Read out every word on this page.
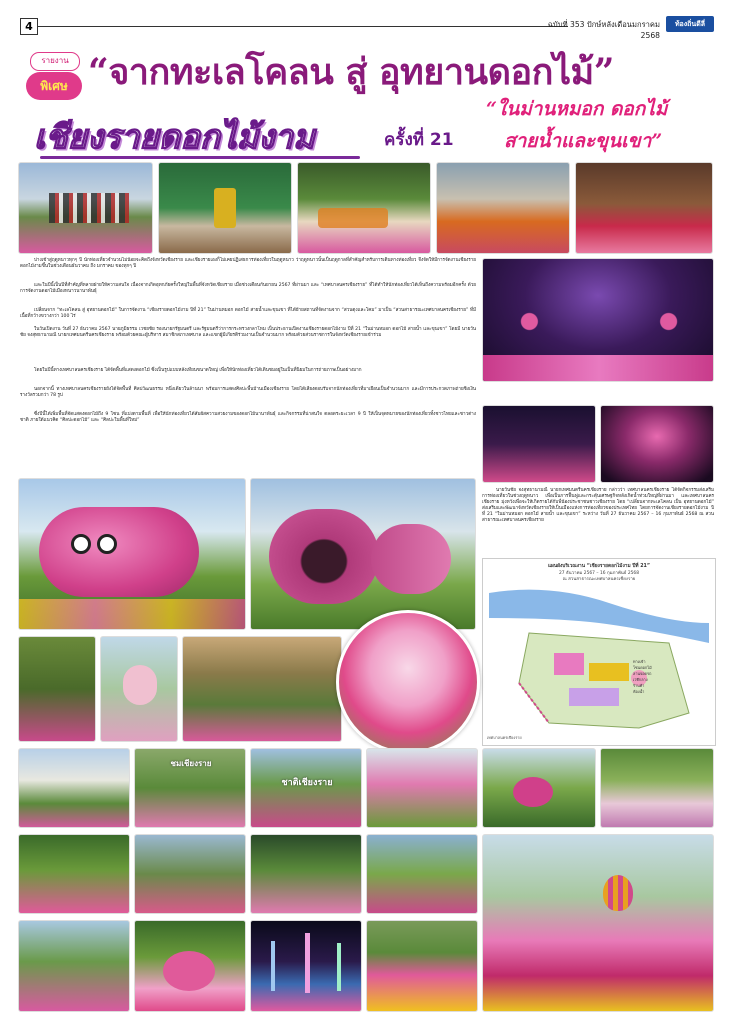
4	ฉบับที่ 353 ปักษ์หลังเดือนมกราคม 2568
ท้องถิ่นดีลี่
รายงาน
พิเศษ “จากทะเลโคลน สู่ อุทยานดอกไม้”
เชียงรายดอกไม้งาม	ครั้งที่ 21
“ในม่านหมอก ดอกไม้
สายน้ำและขุนเขา”

ปางเข้าสู่ฤดูหนาวทุกๆ ปี นักท่องเที่ยวจำนวนไม่น้อยจะคิดถึงจังหวัดเชียงราย และเชียงรายเองก็ไม่เคยปฏิเสธการท่องเที่ยวในฤดูหนาว ว่าฤดูหนาวนั้นเป็นฤดูกาลที่สำคัญสำหรับการเดินทางท่องเที่ยว จึงจัดให้มีการจัดงานเชียงรายดอกไม้งามขึ้นในช่วงเดือนธันวาคม ถึง มกราคม ของทุกๆ ปี

และในปีนี้เป็นปีที่สำคัญที่หลายฝ่ายให้ความสนใจ เนื่องจากเกิดอุทกภัยครั้งใหญ่ในพื้นที่จังหวัดเชียงราย เมื่อช่วงเดือนกันยายน 2567 ที่ผ่านมา และ “เทศบาลนครเชียงราย” ที่ได้ทำให้นักท่องเที่ยวได้เห็นถึงความพร้อมอีกครั้ง ด้วยการจัดงานดอกไม้เมืองหนาวนานาพันธุ์

เปลี่ยนจาก “ทะเลโคลน สู่ อุทยานดอกไม้” ในการจัดงาน “เชียงรายดอกไม้งาม ปีที่ 21” ในม่านหมอก ดอกไม้ สายน้ำและขุนเขา ที่ได้ย้ายสถานที่จัดงานจาก “สวนตุงและโคม” มาเป็น “สวนสาธารณะเทศบาลนครเชียงราย” ที่มีเนื้อที่กว้างขวางกว่า 100 ไร่

ในวันเปิดงาน วันที่ 27 ธันวาคม 2567 นายภูมิธรรม เวชยชัย รองนายกรัฐมนตรี และรัฐมนตรีว่าการกระทรวงกลาโหม เป็นประธานเปิดงานเชียงรายดอกไม้งาม ปีที่ 21 “ในม่านหมอก ดอกไม้ สายน้ำ และขุนเขา” โดยมี นายวันชัย จงสุทธานามณี นายกเทศมนตรีนครเชียงราย พร้อมด้วยคณะผู้บริหาร สมาชิกสภาเทศบาล และแขกผู้มีเกียรติร่วมงานเป็นจำนวนมาก พร้อมด้วยส่วนราชการในจังหวัดเชียงรายเข้าร่วม

โดยในปีนี้ทางเทศบาลนครเชียงราย ได้จัดพื้นที่แสดงดอกไม้ ซึ่งเป็นรูปแบบหลังเทียนขนาดใหญ่ เพื่อให้นักท่องเที่ยวได้เดินชมอยู่ในเป็นที่นิยมในการถ่ายภาพเป็นอย่างมาก

นอกจากนี้ ทางเทศบาลนครเชียงรายยังได้จัดพื้นที่ ศิลปวัฒนธรรม หนึ่งเดียวในล้านนา พร้อมการแสดงศิลปะพื้นบ้านเมืองเชียงราย โดยได้เสียงตอบรับจากนักท่องเที่ยวที่มาเยือนเป็นจำนวนมาก และมีการประกวดภาพถ่ายชิงเงินรางวัลรวมกว่า 78 รูป

ซึ่งปีนี้ได้เพิ่มพื้นที่จัดแสดงดอกไม้ถึง 9 โซน ที่แบ่งตามพื้นที่ เพื่อให้นักท่องเที่ยวได้สัมผัสความสวยงามของดอกไม้นานาพันธุ์ และกิจกรรมที่น่าสนใจ ตลอดระยะเวลา 9 ปี ให้เป็นจุดหมายของนักท่องเที่ยวทั้งชาวไทยและชาวต่างชาติ ภายใต้แนวคิด “ศิลปะดอกไม้” และ “ศิลปะในพื้นที่ใหม่”

นายวันชัย จงสุทธานามณี นายกเทศมนตรีนครเชียงราย กล่าวว่า เทศบาลนครเชียงราย ได้จัดกิจกรรมส่งเสริมการท่องเที่ยวในช่วงฤดูหนาว เพื่อเป็นการฟื้นฟูและกระตุ้นเศรษฐกิจหลังเกิดน้ำท่วมใหญ่ที่ผ่านมา และเทศบาลนครเชียงราย มุ่งหวังเพื่อจะให้เกิดรายได้กับพี่น้องประชาชนชาวเชียงราย โดย “เปลี่ยนจากทะเลโคลน เป็น อุทยานดอกไม้” ส่งเสริมและพัฒนาจังหวัดเชียงรายให้เป็นเมืองแห่งการท่องเที่ยวของประเทศไทย โดยการจัดงานเชียงรายดอกไม้งาม ปีที่ 21 “ในม่านหมอก ดอกไม้ สายน้ำ และขุนเขา” ระหว่าง วันที่ 27 ธันวาคม 2567 – 16 กุมภาพันธ์ 2568 ณ สวนสาธารณะเทศบาลนครเชียงราย

แผนผังบริเวณงาน “เชียงรายดอกไม้งาม ปีที่ 21”
27 ธันวาคม 2567 – 16 กุมภาพันธ์ 2568
ณ สวนสาธารณะเทศบาลนครเชียงราย
ทางเข้า
โซนดอกไม้
ลานจอดรถ
เวทีกลาง
ร้านค้า
ห้องน้ำ
เทศบาลนครเชียงราย
ชมเชียงราย
ชาติเชียงราย
